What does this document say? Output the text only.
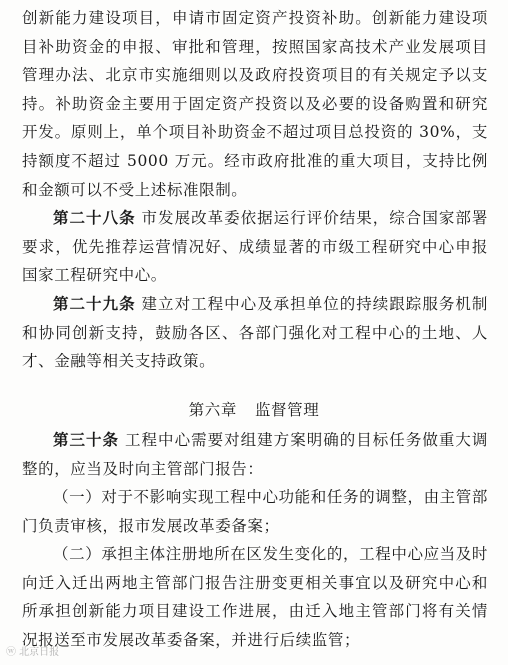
创新能力建设项目，申请市固定资产投资补助。创新能力建设项目补助资金的申报、审批和管理，按照国家高技术产业发展项目管理办法、北京市实施细则以及政府投资项目的有关规定予以支持。补助资金主要用于固定资产投资以及必要的设备购置和研究开发。原则上，单个项目补助资金不超过项目总投资的 30%，支持额度不超过 5000 万元。经市政府批准的重大项目，支持比例和金额可以不受上述标准限制。

第二十八条 市发展改革委依据运行评价结果，综合国家部署要求，优先推荐运营情况好、成绩显著的市级工程研究中心申报国家工程研究中心。

第二十九条 建立对工程中心及承担单位的持续跟踪服务机制和协同创新支持，鼓励各区、各部门强化对工程中心的土地、人才、金融等相关支持政策。

第六章 监督管理

第三十条 工程中心需要对组建方案明确的目标任务做重大调整的，应当及时向主管部门报告：

（一）对于不影响实现工程中心功能和任务的调整，由主管部门负责审核，报市发展改革委备案；

（二）承担主体注册地所在区发生变化的，工程中心应当及时向迁入迁出两地主管部门报告注册变更相关事宜以及研究中心和所承担创新能力项目建设工作进展，由迁入地主管部门将有关情况报送至市发展改革委备案，并进行后续监管；

ⓦ 北京日报
